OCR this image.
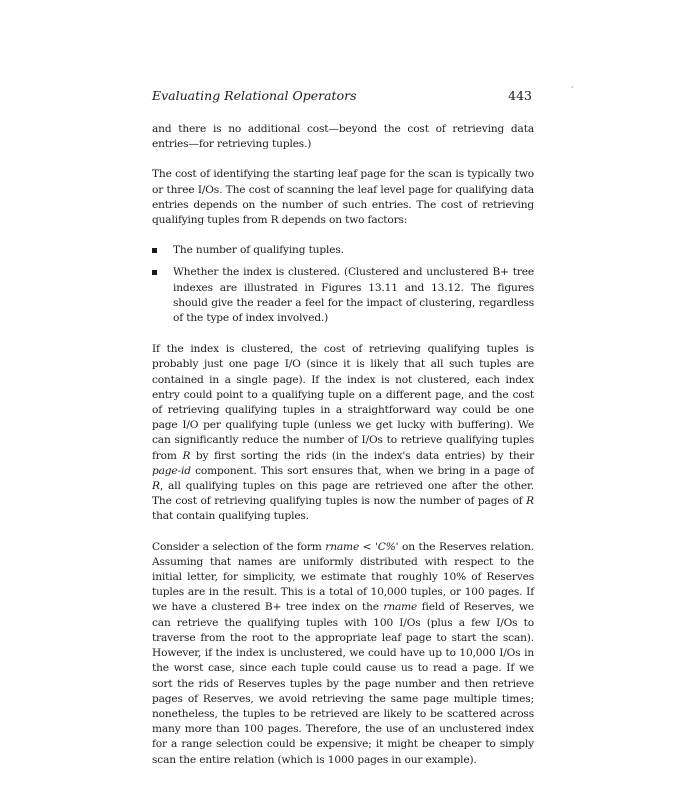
Evaluating Relational Operators	443
,

and there is no additional cost—beyond the cost of retrieving data entries—for retrieving tuples.)

The cost of identifying the starting leaf page for the scan is typically two or three I/Os. The cost of scanning the leaf level page for qualifying data entries depends on the number of such entries. The cost of retrieving qualifying tuples from R depends on two factors:

The number of qualifying tuples.
Whether the index is clustered. (Clustered and unclustered B+ tree indexes are illustrated in Figures 13.11 and 13.12. The figures should give the reader a feel for the impact of clustering, regardless of the type of index involved.)

If the index is clustered, the cost of retrieving qualifying tuples is probably just one page I/O (since it is likely that all such tuples are contained in a single page). If the index is not clustered, each index entry could point to a qualifying tuple on a different page, and the cost of retrieving qualifying tuples in a straightforward way could be one page I/O per qualifying tuple (unless we get lucky with buffering). We can significantly reduce the number of I/Os to retrieve qualifying tuples from R by first sorting the rids (in the index's data entries) by their page-id component. This sort ensures that, when we bring in a page of R, all qualifying tuples on this page are retrieved one after the other. The cost of retrieving qualifying tuples is now the number of pages of R that contain qualifying tuples.

Consider a selection of the form rname < 'C%' on the Reserves relation. Assuming that names are uniformly distributed with respect to the initial letter, for simplicity, we estimate that roughly 10% of Reserves tuples are in the result. This is a total of 10,000 tuples, or 100 pages. If we have a clustered B+ tree index on the rname field of Reserves, we can retrieve the qualifying tuples with 100 I/Os (plus a few I/Os to traverse from the root to the appropriate leaf page to start the scan). However, if the index is unclustered, we could have up to 10,000 I/Os in the worst case, since each tuple could cause us to read a page. If we sort the rids of Reserves tuples by the page number and then retrieve pages of Reserves, we avoid retrieving the same page multiple times; nonetheless, the tuples to be retrieved are likely to be scattered across many more than 100 pages. Therefore, the use of an unclustered index for a range selection could be expensive; it might be cheaper to simply scan the entire relation (which is 1000 pages in our example).
